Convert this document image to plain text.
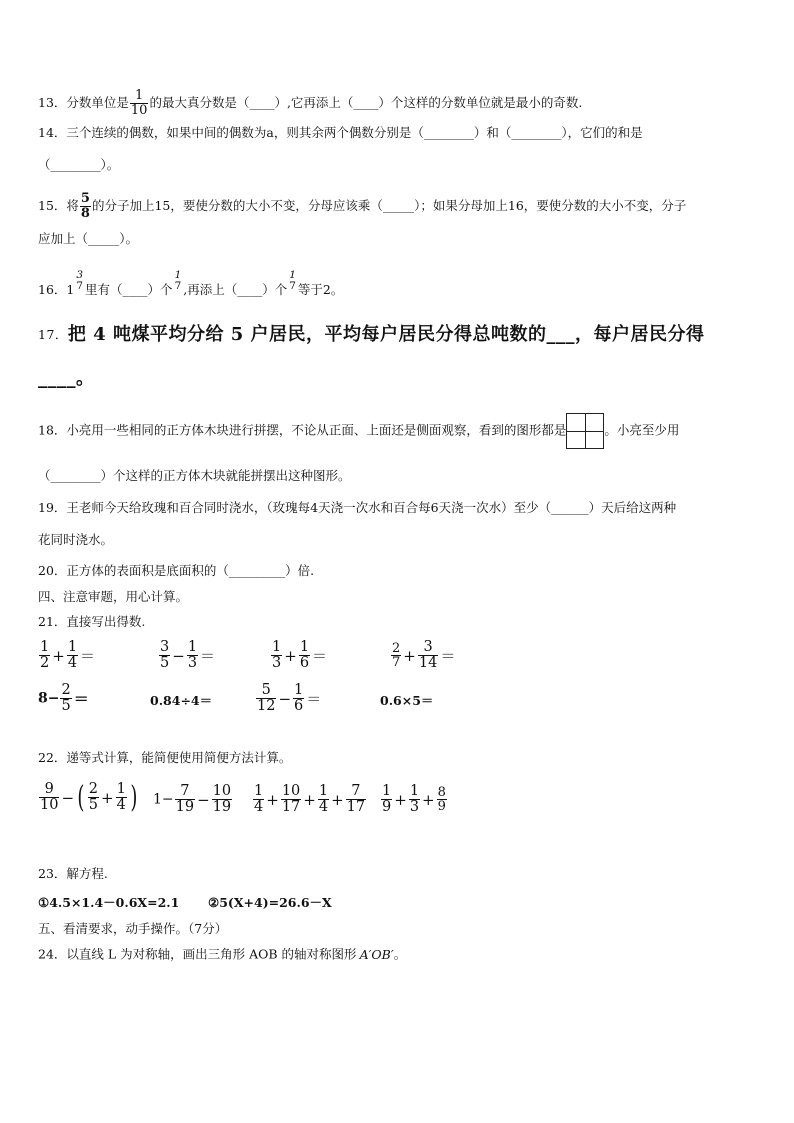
13．分数单位是 $\frac{1}{10}$ 的最大真分数是（____）,它再添上（____）个这样的分数单位就是最小的奇数.
14．三个连续的偶数，如果中间的偶数为a，则其余两个偶数分别是（________）和（________），它们的和是
（________）。
15．将 $\frac{5}{8}$ 的分子加上15，要使分数的大小不变，分母应该乘（_____）；如果分母加上16，要使分数的大小不变，分子
应加上（_____）。
16．1
3
7 里有（____）个
1
7 ,再添上（____）个
1
7 等于2。
17．把 4 吨煤平均分给 5 户居民，平均每户居民分得总吨数的___，每户居民分得
____。
18．小亮用一些相同的正方体木块进行拼摆，不论从正面、上面还是侧面观察，看到的图形都是	。小亮至少用
（________）个这样的正方体木块就能拼摆出这种图形。
19．王老师今天给玫瑰和百合同时浇水，（玫瑰每4天浇一次水和百合每6天浇一次水）至少（______）天后给这两种
花同时浇水。
20．正方体的表面积是底面积的（_________）倍.
四、注意审题，用心计算。
21．直接写出得数.
$\frac{1}{2} + \frac{1}{4}$ ＝	$\frac{3}{5} - \frac{1}{3}$ ＝	$\frac{1}{3} + \frac{1}{6}$ ＝	$\frac{2}{7} + \frac{3}{14}$ ＝
$8- \frac{2}{5}$ ＝	0.84÷4＝	$\frac{5}{12} - \frac{1}{6}$ ＝	0.6×5＝
22．递等式计算，能简便使用简便方法计算。
$\frac{9}{10}$ − ( $\frac{2}{5} + \frac{1}{4}$ ) $1- \frac{7}{19} - \frac{10}{19} \frac{1}{4} + \frac{10}{17} + \frac{1}{4} + \frac{7}{17} \frac{1}{9} + \frac{1}{3} + \frac{8}{9}$
23．解方程.
①4.5×1.4－0.6X=2.1 ②5(X+4)=26.6－X
五、看清要求，动手操作。（7分）
24．以直线 L 为对称轴，画出三角形 AOB 的轴对称图形 A′OB′。
